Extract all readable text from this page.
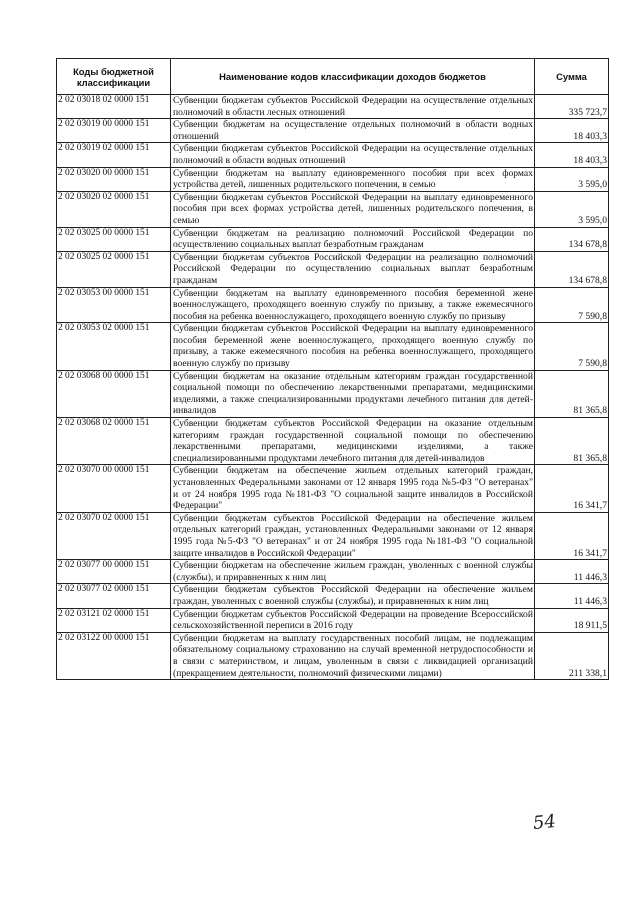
Коды бюджетной классификации	Наименование кодов классификации доходов бюджетов	Сумма
2 02 03018 02 0000 151	Субвенции бюджетам субъектов Российской Федерации на осуществление отдельных полномочий в области лесных отношений	335 723,7
2 02 03019 00 0000 151	Субвенции бюджетам на осуществление отдельных полномочий в области водных отношений	18 403,3
2 02 03019 02 0000 151	Субвенции бюджетам субъектов Российской Федерации на осуществление отдельных полномочий в области водных отношений	18 403,3
2 02 03020 00 0000 151	Субвенции бюджетам на выплату единовременного пособия при всех формах устройства детей, лишенных родительского попечения, в семью	3 595,0
2 02 03020 02 0000 151	Субвенции бюджетам субъектов Российской Федерации на выплату единовременного пособия при всех формах устройства детей, лишенных родительского попечения, в семью	3 595,0
2 02 03025 00 0000 151	Субвенции бюджетам на реализацию полномочий Российской Федерации по осуществлению социальных выплат безработным гражданам	134 678,8
2 02 03025 02 0000 151	Субвенции бюджетам субъектов Российской Федерации на реализацию полномочий Российской Федерации по осуществлению социальных выплат безработным гражданам	134 678,8
2 02 03053 00 0000 151	Субвенции бюджетам на выплату единовременного пособия беременной жене военнослужащего, проходящего военную службу по призыву, а также ежемесячного пособия на ребенка военнослужащего, проходящего военную службу по призыву	7 590,8
2 02 03053 02 0000 151	Субвенции бюджетам субъектов Российской Федерации на выплату единовременного пособия беременной жене военнослужащего, проходящего военную службу по призыву, а также ежемесячного пособия на ребенка военнослужащего, проходящего военную службу по призыву	7 590,8
2 02 03068 00 0000 151	Субвенции бюджетам на оказание отдельным категориям граждан государственной социальной помощи по обеспечению лекарственными препаратами, медицинскими изделиями, а также специализированными продуктами лечебного питания для детей-инвалидов	81 365,8
2 02 03068 02 0000 151	Субвенции бюджетам субъектов Российской Федерации на оказание отдельным категориям граждан государственной социальной помощи по обеспечению лекарственными препаратами, медицинскими изделиями, а также специализированными продуктами лечебного питания для детей-инвалидов	81 365,8
2 02 03070 00 0000 151	Субвенции бюджетам на обеспечение жильем отдельных категорий граждан, установленных Федеральными законами от 12 января 1995 года №5-ФЗ "О ветеранах" и от 24 ноября 1995 года №181-ФЗ "О социальной защите инвалидов в Российской Федерации"	16 341,7
2 02 03070 02 0000 151	Субвенции бюджетам субъектов Российской Федерации на обеспечение жильем отдельных категорий граждан, установленных Федеральными законами от 12 января 1995 года №5-ФЗ "О ветеранах" и от 24 ноября 1995 года №181-ФЗ "О социальной защите инвалидов в Российской Федерации"	16 341,7
2 02 03077 00 0000 151	Субвенции бюджетам на обеспечение жильем граждан, уволенных с военной службы (службы), и приравненных к ним лиц	11 446,3
2 02 03077 02 0000 151	Субвенции бюджетам субъектов Российской Федерации на обеспечение жильем граждан, уволенных с военной службы (службы), и приравненных к ним лиц	11 446,3
2 02 03121 02 0000 151	Субвенции бюджетам субъектов Российской Федерации на проведение Всероссийской сельскохозяйственной переписи в 2016 году	18 911,5
2 02 03122 00 0000 151	Субвенции бюджетам на выплату государственных пособий лицам, не подлежащим обязательному социальному страхованию на случай временной нетрудоспособности и в связи с материнством, и лицам, уволенным в связи с ликвидацией организаций (прекращением деятельности, полномочий физическими лицами)	211 338,1
54
